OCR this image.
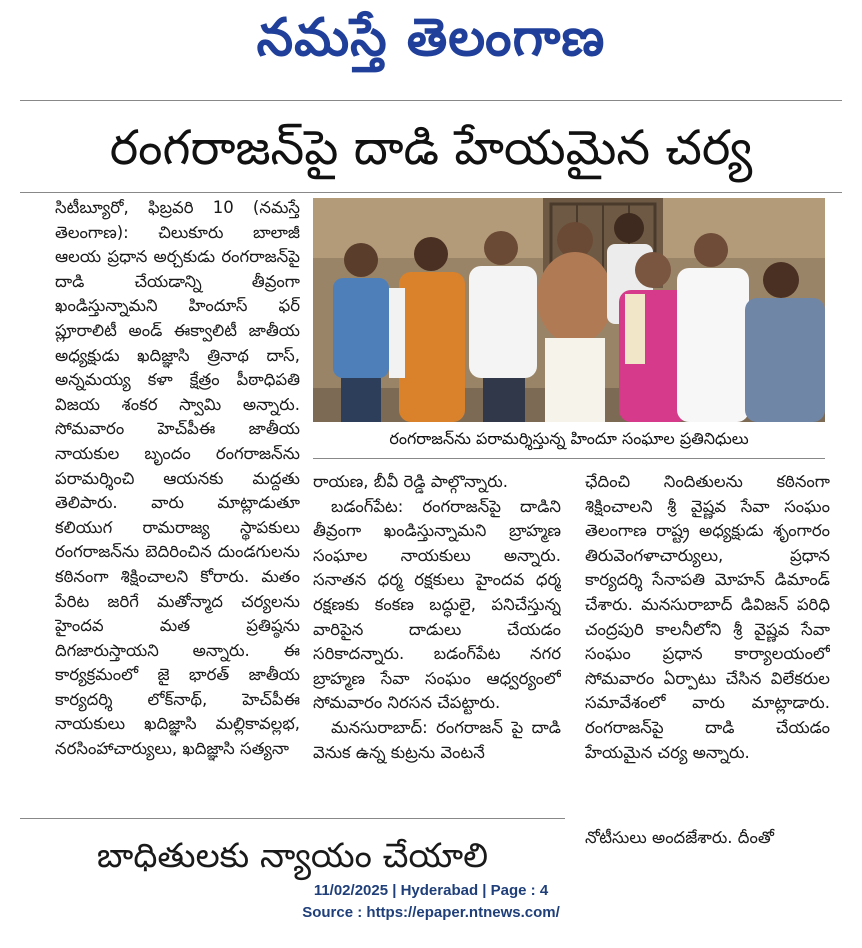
నమస్తే తెలంగాణ
రంగరాజన్‌పై దాడి హేయమైన చర్య

సిటీబ్యూరో, ఫిబ్రవరి 10 (నమస్తే తెలంగాణ): చిలుకూరు బాలాజీ ఆలయ ప్రధాన అర్చకుడు రంగరాజన్‌పై దాడి చేయడాన్ని తీవ్రంగా ఖండిస్తున్నామని హిందూస్ ఫర్ ప్లూరాలిటీ అండ్ ఈక్వాలిటీ జాతీయ అధ్యక్షుడు ఖదిజ్ఞాసి త్రినాథ దాస్, అన్నమయ్య కళా క్షేత్రం పీఠాధిపతి విజయ శంకర స్వామి అన్నారు. సోమవారం హెచ్‌పీఈ జాతీయ నాయకుల బృందం రంగరాజన్‌ను పరామర్శించి ఆయనకు మద్దతు తెలిపారు. వారు మాట్లాడుతూ కలియుగ రామరాజ్య స్థాపకులు రంగరాజన్‌ను బెదిరించిన దుండగులను కఠినంగా శిక్షించాలని కోరారు. మతం పేరిట జరిగే మతోన్మాద చర్యలను హైందవ మత ప్రతిష్ఠను దిగజారుస్తాయని అన్నారు. ఈ కార్యక్రమంలో జై భారత్ జాతీయ కార్యదర్శి లోక్‌నాథ్, హెచ్‌పీఈ నాయకులు ఖదిజ్ఞాసి మల్లికావల్లభ, నరసింహాచార్యులు, ఖదిజ్ఞాసి సత్యనా

రంగరాజన్‌ను పరామర్శిస్తున్న హిందూ సంఘాల ప్రతినిధులు

రాయణ, బీవీ రెడ్డి పాల్గొన్నారు.

బడంగ్‌పేట: రంగరాజన్‌పై దాడిని తీవ్రంగా ఖండిస్తున్నామని బ్రాహ్మణ సంఘాల నాయకులు అన్నారు. సనాతన ధర్మ రక్షకులు హైందవ ధర్మ రక్షణకు కంకణ బద్ధులై, పనిచేస్తున్న వారిపైన దాడులు చేయడం సరికాదన్నారు. బడంగ్‌పేట నగర బ్రాహ్మణ సేవా సంఘం ఆధ్వర్యంలో సోమవారం నిరసన చేపట్టారు.

మనసురాబాద్: రంగరాజన్ పై దాడి వెనుక ఉన్న కుట్రను వెంటనే

ఛేదించి నిందితులను కఠినంగా శిక్షించాలని శ్రీ వైష్ణవ సేవా సంఘం తెలంగాణ రాష్ట్ర అధ్యక్షుడు శృంగారం తిరువెంగళాచార్యులు, ప్రధాన కార్యదర్శి సేనాపతి మోహన్ డిమాండ్ చేశారు. మనసురాబాద్ డివిజన్ పరిధి చంద్రపురి కాలనీలోని శ్రీ వైష్ణవ సేవా సంఘం ప్రధాన కార్యాలయంలో సోమవారం ఏర్పాటు చేసిన విలేకరుల సమావేశంలో వారు మాట్లాడారు. రంగరాజన్‌పై దాడి చేయడం హేయమైన చర్య అన్నారు.

బాధితులకు న్యాయం చేయాలి	నోటీసులు అందజేశారు. దీంతో
11/02/2025 | Hyderabad | Page : 4
Source : https://epaper.ntnews.com/
